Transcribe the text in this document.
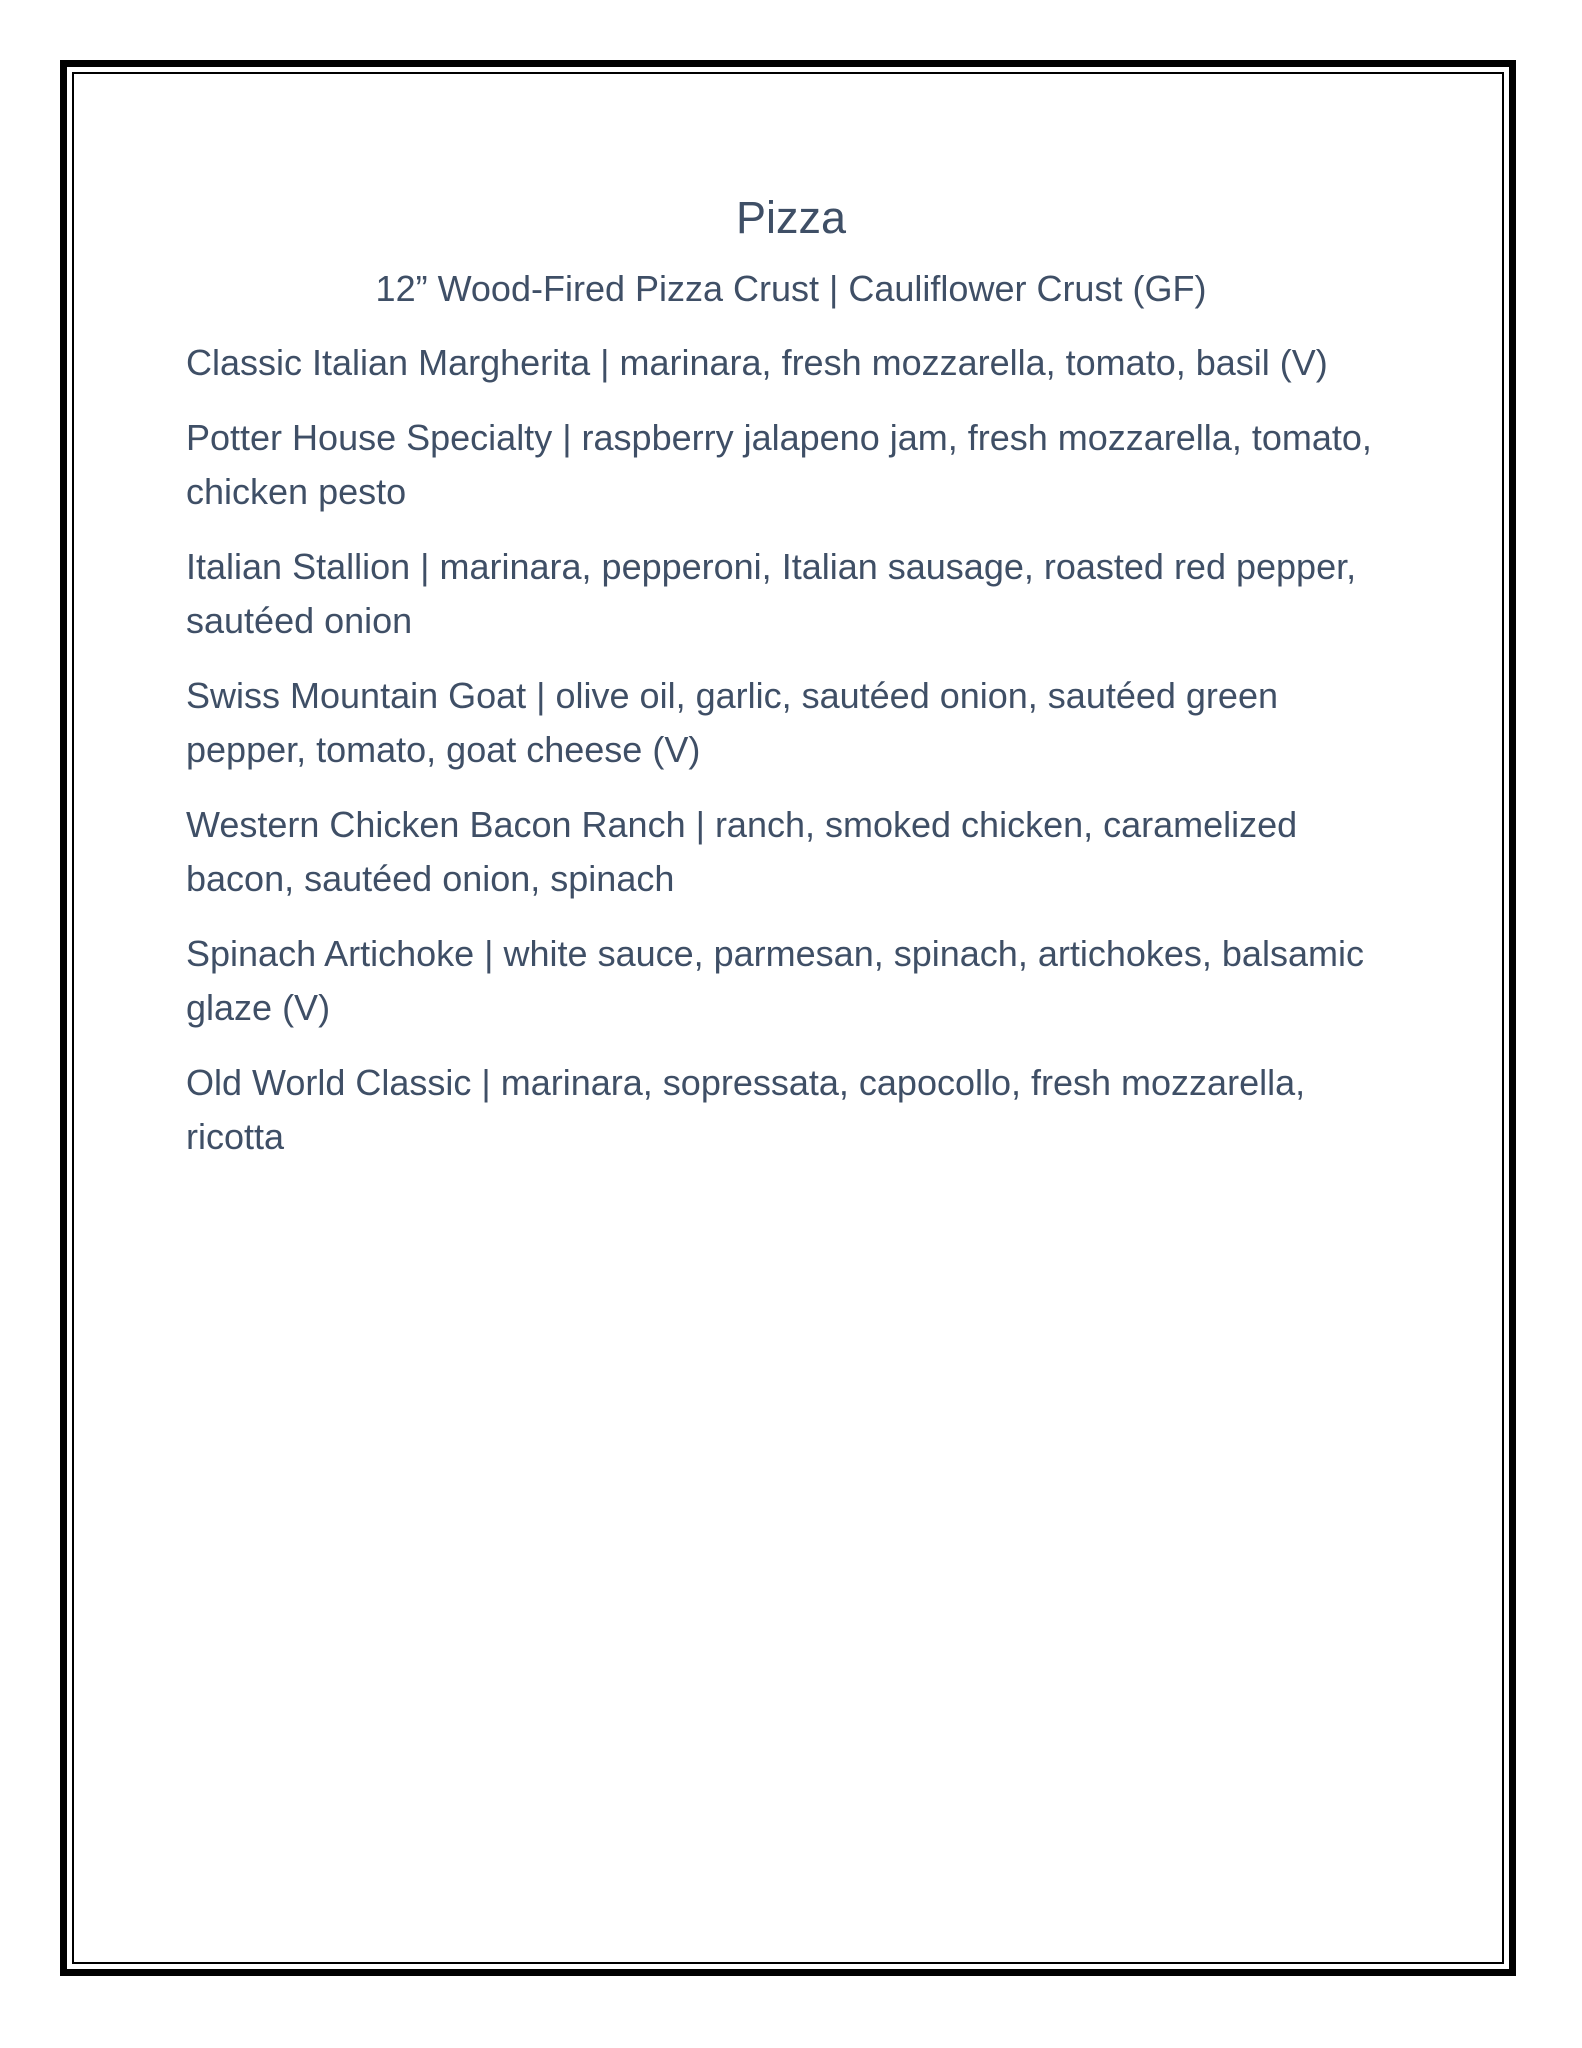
Pizza
12” Wood-Fired Pizza Crust | Cauliflower Crust (GF)
Classic Italian Margherita | marinara, fresh mozzarella, tomato, basil (V)
Potter House Specialty | raspberry jalapeno jam, fresh mozzarella, tomato, chicken pesto
Italian Stallion | marinara, pepperoni, Italian sausage, roasted red pepper, sautéed onion
Swiss Mountain Goat | olive oil, garlic, sautéed onion, sautéed green pepper, tomato, goat cheese (V)
Western Chicken Bacon Ranch | ranch, smoked chicken, caramelized bacon, sautéed onion, spinach
Spinach Artichoke | white sauce, parmesan, spinach, artichokes, balsamic glaze (V)
Old World Classic | marinara, sopressata, capocollo, fresh mozzarella, ricotta
